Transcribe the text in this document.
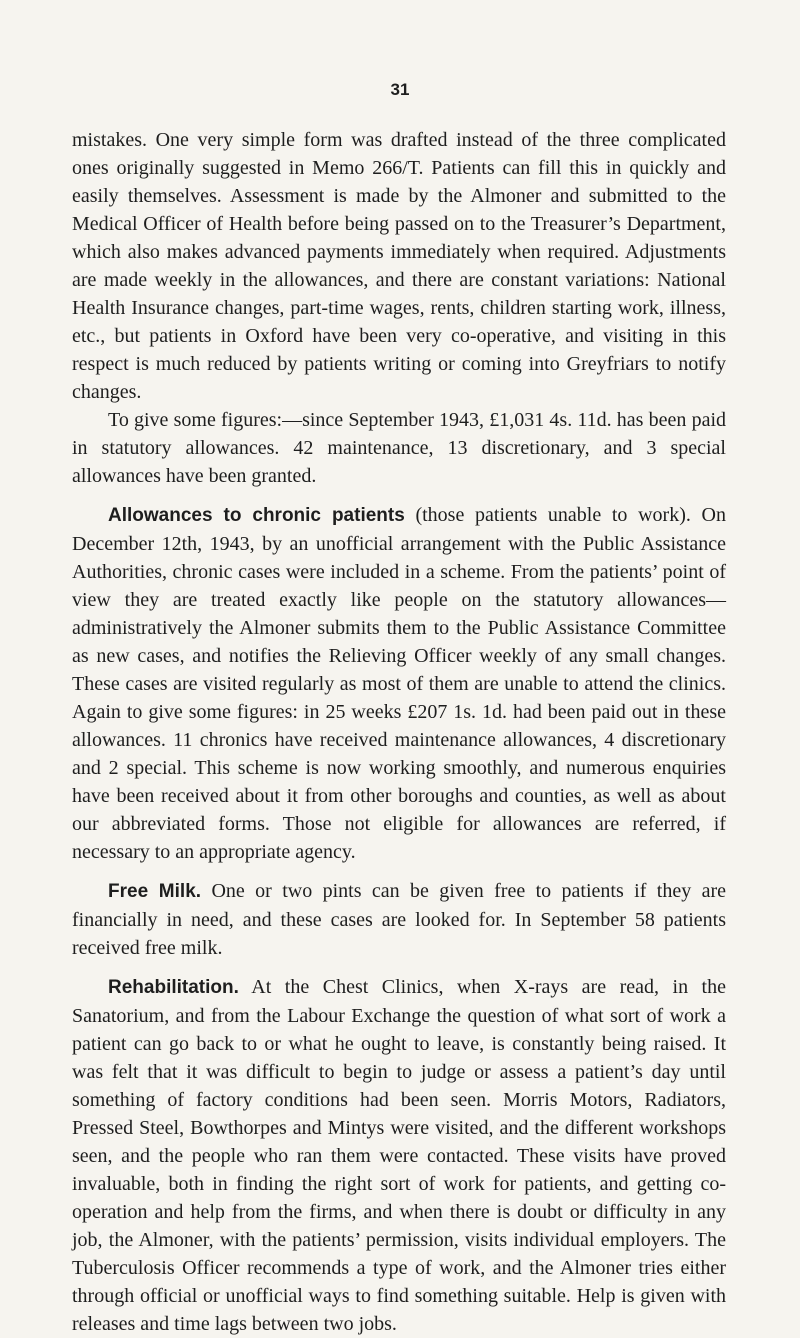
31

mistakes. One very simple form was drafted instead of the three complicated ones originally suggested in Memo 266/T. Patients can fill this in quickly and easily themselves. Assessment is made by the Almoner and submitted to the Medical Officer of Health before being passed on to the Treasurer’s Department, which also makes advanced payments immediately when required. Adjustments are made weekly in the allowances, and there are constant variations: National Health Insurance changes, part-time wages, rents, children starting work, illness, etc., but patients in Oxford have been very co-operative, and visiting in this respect is much reduced by patients writing or coming into Greyfriars to notify changes.

To give some figures:—since September 1943, £1,031 4s. 11d. has been paid in statutory allowances. 42 maintenance, 13 discretionary, and 3 special allowances have been granted.

Allowances to chronic patients (those patients unable to work). On December 12th, 1943, by an unofficial arrangement with the Public Assistance Authorities, chronic cases were included in a scheme. From the patients’ point of view they are treated exactly like people on the statutory allowances—administratively the Almoner submits them to the Public Assistance Committee as new cases, and notifies the Relieving Officer weekly of any small changes. These cases are visited regularly as most of them are unable to attend the clinics. Again to give some figures: in 25 weeks £207 1s. 1d. had been paid out in these allowances. 11 chronics have received maintenance allowances, 4 discretionary and 2 special. This scheme is now working smoothly, and numerous enquiries have been received about it from other boroughs and counties, as well as about our abbreviated forms. Those not eligible for allowances are referred, if necessary to an appropriate agency.

Free Milk. One or two pints can be given free to patients if they are financially in need, and these cases are looked for. In September 58 patients received free milk.

Rehabilitation. At the Chest Clinics, when X-rays are read, in the Sanatorium, and from the Labour Exchange the question of what sort of work a patient can go back to or what he ought to leave, is constantly being raised. It was felt that it was difficult to begin to judge or assess a patient’s day until something of factory conditions had been seen. Morris Motors, Radiators, Pressed Steel, Bowthorpes and Mintys were visited, and the different workshops seen, and the people who ran them were contacted. These visits have proved invaluable, both in finding the right sort of work for patients, and getting co-operation and help from the firms, and when there is doubt or difficulty in any job, the Almoner, with the patients’ permission, visits individual employers. The Tuberculosis Officer recommends a type of work, and the Almoner tries either through official or unofficial ways to find something suitable. Help is given with releases and time lags between two jobs.
